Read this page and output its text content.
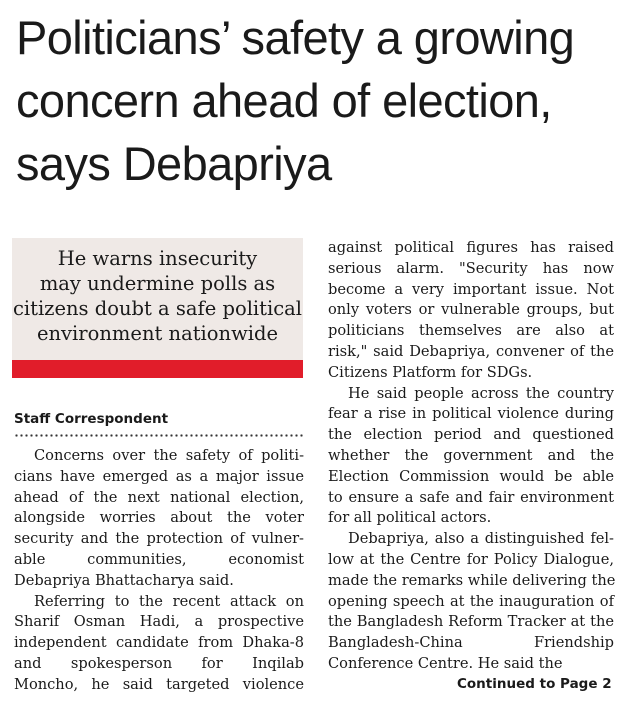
Politicians’ safety a growing
concern ahead of election,
says Debapriya
He warns insecurity
may undermine polls as
citizens doubt a safe political
environment nationwide
Staff Correspondent
Concerns over the safety of politi-
cians have emerged as a major issue
ahead of the next national election,
alongside worries about the voter
security and the protection of vulner-
able communities, economist
Debapriya Bhattacharya said.
Referring to the recent attack on
Sharif Osman Hadi, a prospective
independent candidate from Dhaka-8
and spokesperson for Inqilab
Moncho, he said targeted violence
against political figures has raised
serious alarm. "Security has now
become a very important issue. Not
only voters or vulnerable groups, but
politicians themselves are also at
risk," said Debapriya, convener of the
Citizens Platform for SDGs.
He said people across the country
fear a rise in political violence during
the election period and questioned
whether the government and the
Election Commission would be able
to ensure a safe and fair environment
for all political actors.
Debapriya, also a distinguished fel-
low at the Centre for Policy Dialogue,
made the remarks while delivering the
opening speech at the inauguration of
the Bangladesh Reform Tracker at the
Bangladesh-China Friendship
Conference Centre. He said the
Continued to Page 2
